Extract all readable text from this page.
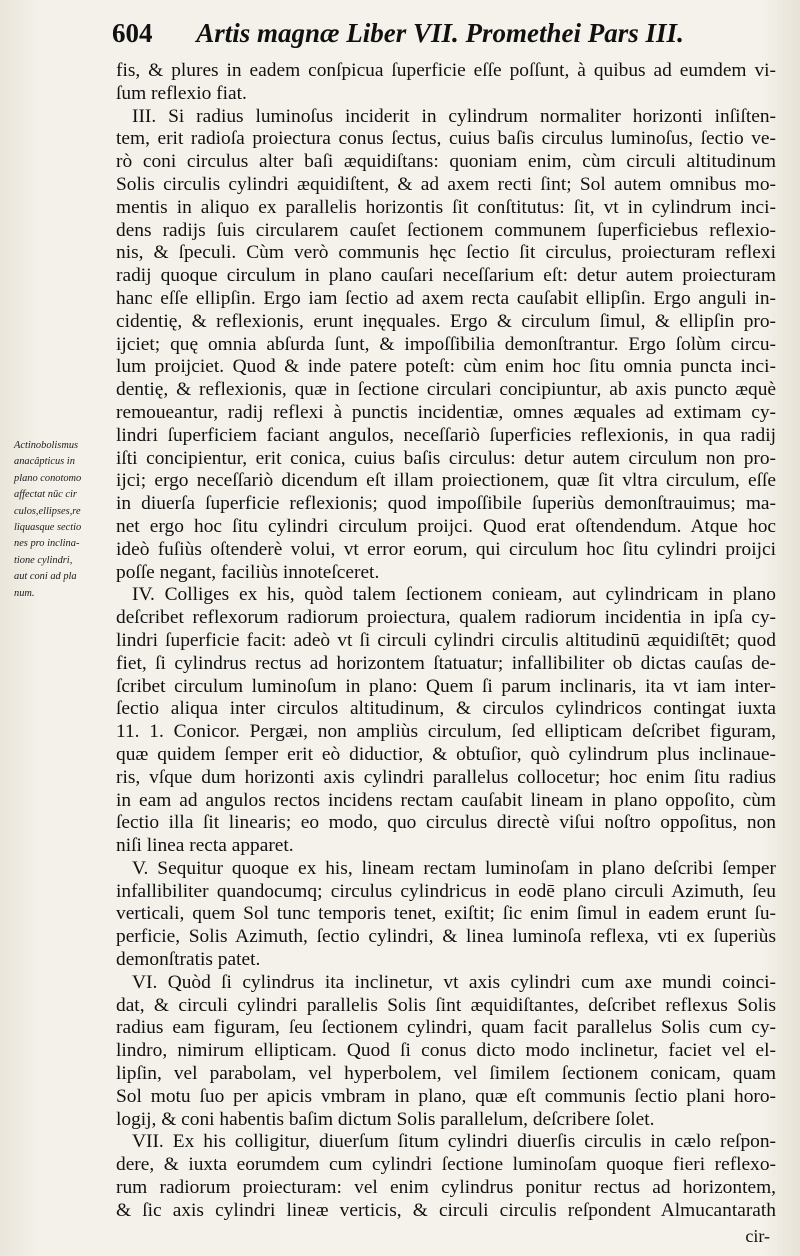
604 Artis magnæ Liber VII. Promethei Pars III.
Actinobolismus
anacâpticus in
plano conotomo
affectat nūc cir
culos,ellipses,re
liquasque sectio
nes pro inclina-
tione cylindri,
aut coni ad pla
num.
fis, & plures in eadem conſpicua ſuperficie eſſe poſſunt, à quibus ad eumdem vi-
ſum reflexio fiat.
III. Si radius luminoſus inciderit in cylindrum normaliter horizonti inſiſten-
tem, erit radioſa proiectura conus ſectus, cuius baſis circulus luminoſus, ſectio ve-
rò coni circulus alter baſi æquidiſtans: quoniam enim, cùm circuli altitudinum
Solis circulis cylindri æquidiſtent, & ad axem recti ſint; Sol autem omnibus mo-
mentis in aliquo ex parallelis horizontis ſit conſtitutus: ſit, vt in cylindrum inci-
dens radijs ſuis circularem cauſet ſectionem communem ſuperficiebus reflexio-
nis, & ſpeculi. Cùm verò communis hęc ſectio ſit circulus, proiecturam reflexi
radij quoque circulum in plano cauſari neceſſarium eſt: detur autem proiecturam
hanc eſſe ellipſin. Ergo iam ſectio ad axem recta cauſabit ellipſin. Ergo anguli in-
cidentię, & reflexionis, erunt inęquales. Ergo & circulum ſimul, & ellipſin pro-
ijciet; quę omnia abſurda ſunt, & impoſſibilia demonſtrantur. Ergo ſolùm circu-
lum proijciet. Quod & inde patere poteſt: cùm enim hoc ſitu omnia puncta inci-
dentię, & reflexionis, quæ in ſectione circulari concipiuntur, ab axis puncto æquè
remoueantur, radij reflexi à punctis incidentiæ, omnes æquales ad extimam cy-
lindri ſuperficiem faciant angulos, neceſſariò ſuperficies reflexionis, in qua radij
iſti concipientur, erit conica, cuius baſis circulus: detur autem circulum non pro-
ijci; ergo neceſſariò dicendum eſt illam proiectionem, quæ ſit vltra circulum, eſſe
in diuerſa ſuperficie reflexionis; quod impoſſibile ſuperiùs demonſtrauimus; ma-
net ergo hoc ſitu cylindri circulum proijci. Quod erat oſtendendum. Atque hoc
ideò fuſiùs oſtenderè volui, vt error eorum, qui circulum hoc ſitu cylindri proijci
poſſe negant, faciliùs innoteſceret.
IV. Colliges ex his, quòd talem ſectionem conieam, aut cylindricam in plano
deſcribet reflexorum radiorum proiectura, qualem radiorum incidentia in ipſa cy-
lindri ſuperficie facit: adeò vt ſi circuli cylindri circulis altitudinū æquidiſtēt; quod
fiet, ſi cylindrus rectus ad horizontem ſtatuatur; infallibiliter ob dictas cauſas de-
ſcribet circulum luminoſum in plano: Quem ſi parum inclinaris, ita vt iam inter-
ſectio aliqua inter circulos altitudinum, & circulos cylindricos contingat iuxta
11. 1. Conicor. Pergæi, non ampliùs circulum, ſed ellipticam deſcribet figuram,
quæ quidem ſemper erit eò diductior, & obtuſior, quò cylindrum plus inclinaue-
ris, vſque dum horizonti axis cylindri parallelus collocetur; hoc enim ſitu radius
in eam ad angulos rectos incidens rectam cauſabit lineam in plano oppoſito, cùm
ſectio illa ſit linearis; eo modo, quo circulus directè viſui noſtro oppoſitus, non
niſi linea recta apparet.
V. Sequitur quoque ex his, lineam rectam luminoſam in plano deſcribi ſemper
infallibiliter quandocumq; circulus cylindricus in eodē plano circuli Azimuth, ſeu
verticali, quem Sol tunc temporis tenet, exiſtit; ſic enim ſimul in eadem erunt ſu-
perficie, Solis Azimuth, ſectio cylindri, & linea luminoſa reflexa, vti ex ſuperiùs
demonſtratis patet.
VI. Quòd ſi cylindrus ita inclinetur, vt axis cylindri cum axe mundi coinci-
dat, & circuli cylindri parallelis Solis ſint æquidiſtantes, deſcribet reflexus Solis
radius eam figuram, ſeu ſectionem cylindri, quam facit parallelus Solis cum cy-
lindro, nimirum ellipticam. Quod ſi conus dicto modo inclinetur, faciet vel el-
lipſin, vel parabolam, vel hyperbolem, vel ſimilem ſectionem conicam, quam
Sol motu ſuo per apicis vmbram in plano, quæ eſt communis ſectio plani horo-
logij, & coni habentis baſim dictum Solis parallelum, deſcribere ſolet.
VII. Ex his colligitur, diuerſum ſitum cylindri diuerſis circulis in cælo reſpon-
dere, & iuxta eorumdem cum cylindri ſectione luminoſam quoque fieri reflexo-
rum radiorum proiecturam: vel enim cylindrus ponitur rectus ad horizontem,
& ſic axis cylindri lineæ verticis, & circuli circulis reſpondent Almucantarath
cir-
